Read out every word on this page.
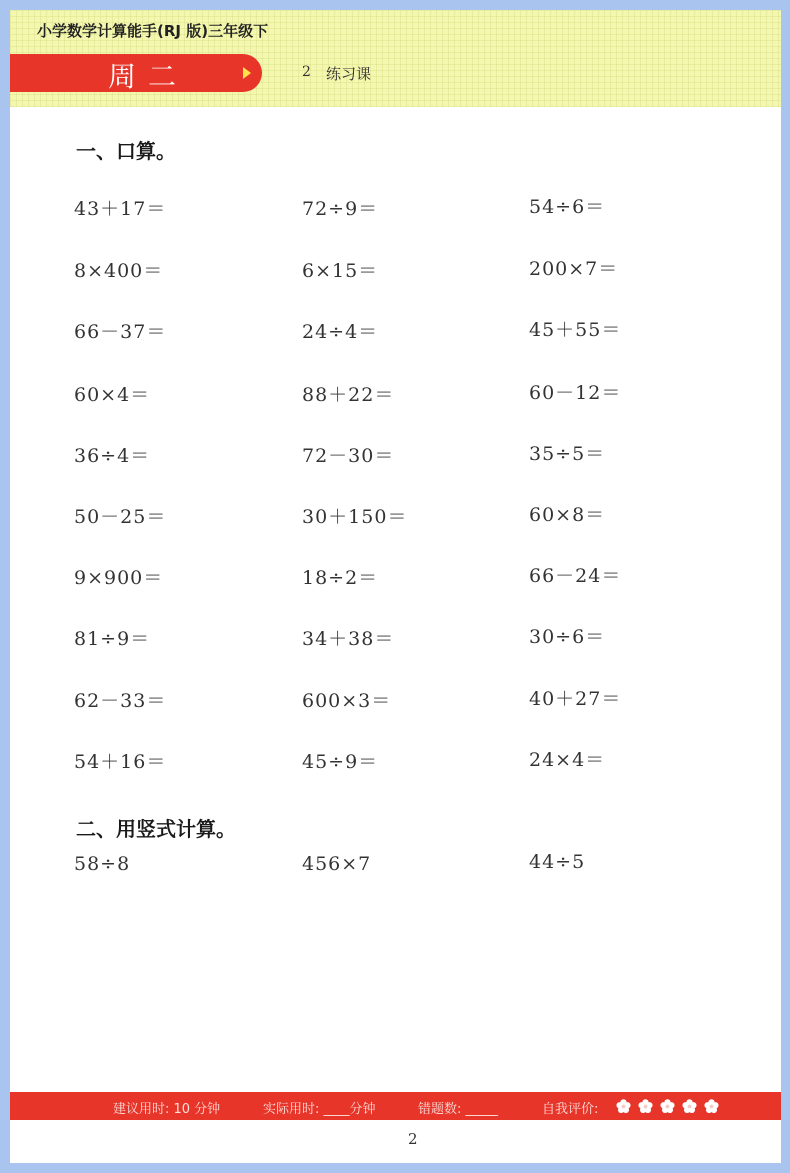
小学数学计算能手(RJ 版)三年级下
周二	2 练习课
一、口算。
43＋17＝	72÷9＝	54÷6＝
8×400＝	6×15＝	200×7＝
66－37＝	24÷4＝	45＋55＝
60×4＝	88＋22＝	60－12＝
36÷4＝	72－30＝	35÷5＝
50－25＝	30＋150＝	60×8＝
9×900＝	18÷2＝	66－24＝
81÷9＝	34＋38＝	30÷6＝
62－33＝	600×3＝	40＋27＝
54＋16＝	45÷9＝	24×4＝
二、用竖式计算。
58÷8	456×7	44÷5
建议用时: 10 分钟	实际用时: ____分钟	错题数: _____	自我评价:
2
